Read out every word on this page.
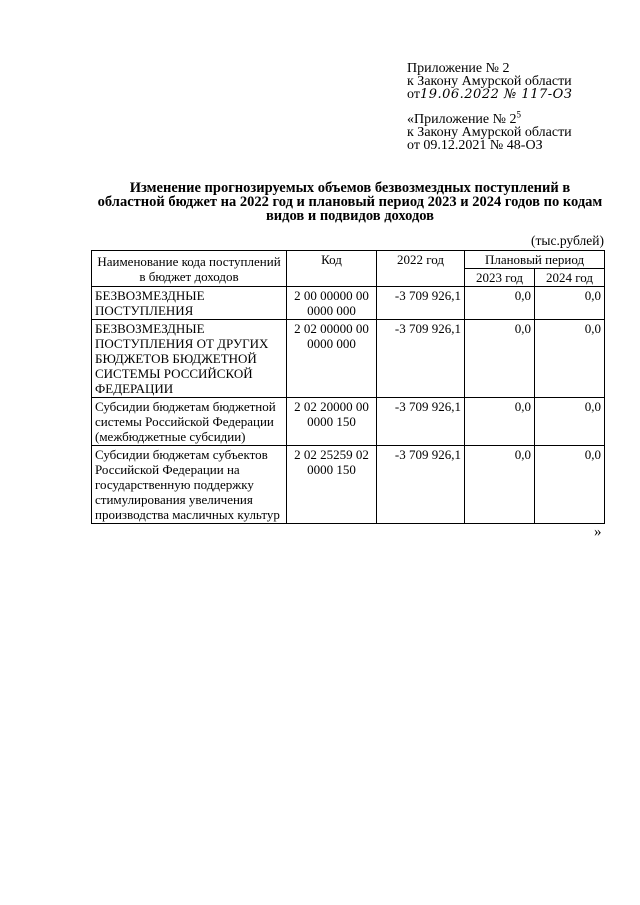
Приложение № 2
к Закону Амурской области
от19.06.2022 № 117-ОЗ
«Приложение № $2^5$
к Закону Амурской области
от 09.12.2021 № 48-ОЗ
Изменение прогнозируемых объемов безвозмездных поступлений в областной бюджет на 2022 год и плановый период 2023 и 2024 годов по кодам видов и подвидов доходов
(тыс.рублей)
Наименование кода поступлений в бюджет доходов	Код	2022 год	Плановый период	
			2023 год	2024 год
БЕЗВОЗМЕЗДНЫЕ ПОСТУПЛЕНИЯ	2 00 00000 00 0000 000	-3 709 926,1	0,0	0,0
БЕЗВОЗМЕЗДНЫЕ ПОСТУПЛЕНИЯ ОТ ДРУГИХ БЮДЖЕТОВ БЮДЖЕТНОЙ СИСТЕМЫ РОССИЙСКОЙ ФЕДЕРАЦИИ	2 02 00000 00 0000 000	-3 709 926,1	0,0	0,0
Субсидии бюджетам бюджетной системы Российской Федерации (межбюджетные субсидии)	2 02 20000 00 0000 150	-3 709 926,1	0,0	0,0
Субсидии бюджетам субъектов Российской Федерации на государственную поддержку стимулирования увеличения производства масличных культур	2 02 25259 02 0000 150	-3 709 926,1	0,0	0,0
»
